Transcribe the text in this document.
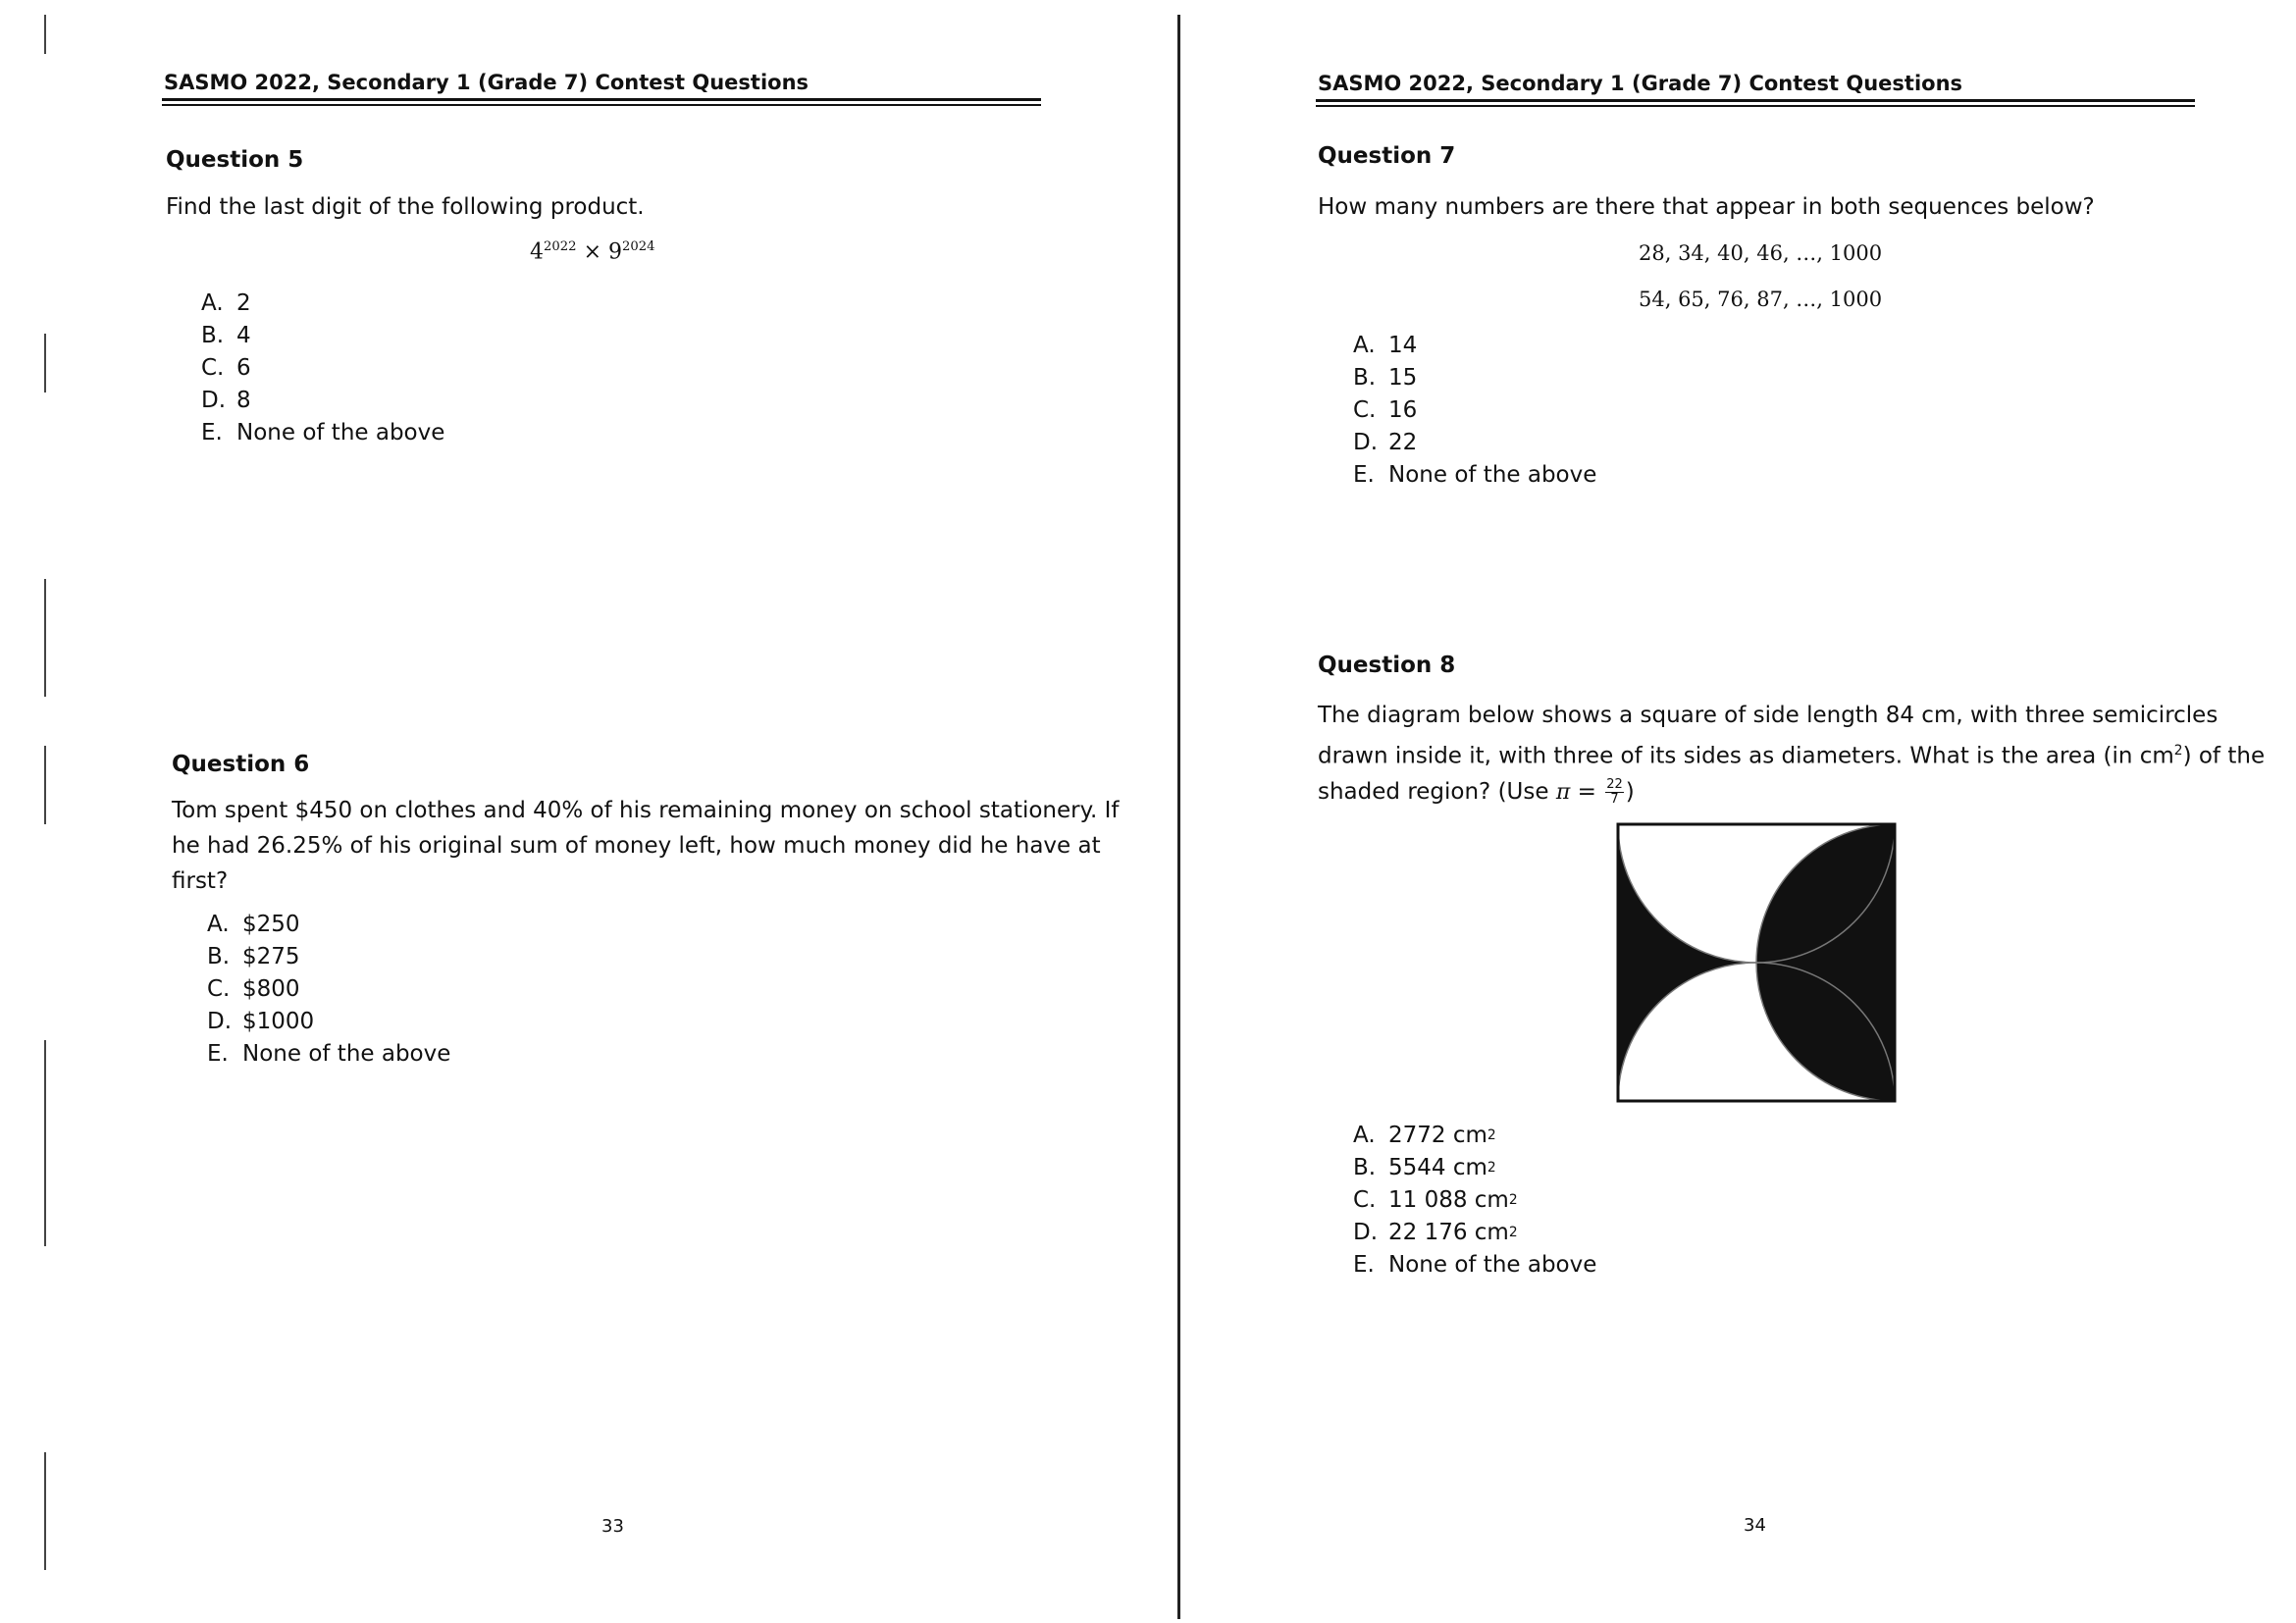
SASMO 2022, Secondary 1 (Grade 7) Contest Questions
Question 5
Find the last digit of the following product.
$4^{2022} \times 9^{2024}$
A. 2
B. 4
C. 6
D. 8
E. None of the above
Question 6
Tom spent $450 on clothes and 40% of his remaining money on school stationery. If
he had 26.25% of his original sum of money left, how much money did he have at
first?
A. $250
B. $275
C. $800
D. $1000
E. None of the above
33
SASMO 2022, Secondary 1 (Grade 7) Contest Questions
Question 7
How many numbers are there that appear in both sequences below?
28, 34, 40, 46, …, 1000
54, 65, 76, 87, …, 1000
A. 14
B. 15
C. 16
D. 22
E. None of the above
Question 8
The diagram below shows a square of side length 84 cm, with three semicircles
drawn inside it, with three of its sides as diameters. What is the area (in $cm^2$) of the
shaded region? (Use $\pi = \frac{22}{7}$ )
A. 2772 cm 2
B. 5544 cm 2
C. 11 088 cm 2
D. 22 176 cm 2
E. None of the above
34
